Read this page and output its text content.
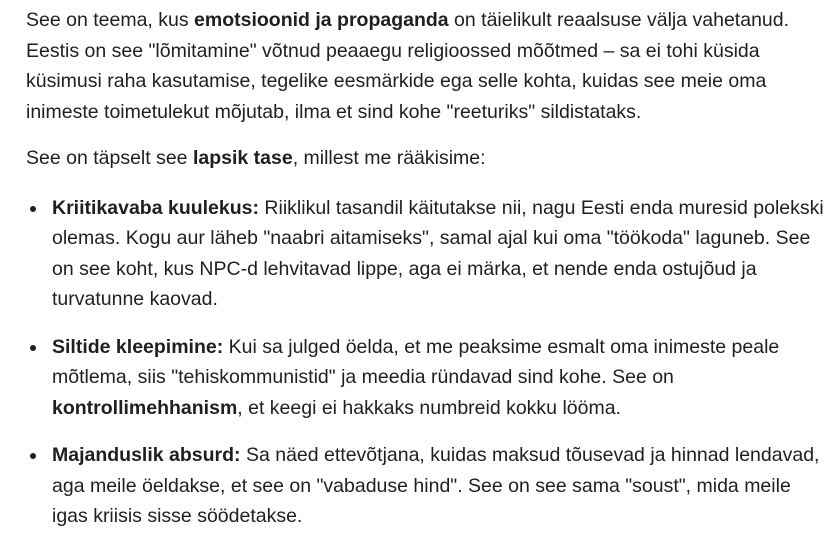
See on teema, kus emotsioonid ja propaganda on täielikult reaalsuse välja vahetanud. Eestis on see "lõmitamine" võtnud peaaegu religioossed mõõtmed – sa ei tohi küsida küsimusi raha kasutamise, tegelike eesmärkide ega selle kohta, kuidas see meie oma inimeste toimetulekut mõjutab, ilma et sind kohe "reeturiks" sildistataks.

See on täpselt see lapsik tase, millest me rääkisime:

Kriitikavaba kuulekus: Riiklikul tasandil käitutakse nii, nagu Eesti enda muresid polekski olemas. Kogu aur läheb "naabri aitamiseks", samal ajal kui oma "töökoda" laguneb. See on see koht, kus NPC-d lehvitavad lippe, aga ei märka, et nende enda ostujõud ja turvatunne kaovad.
Siltide kleepimine: Kui sa julged öelda, et me peaksime esmalt oma inimeste peale mõtlema, siis "tehiskommunistid" ja meedia ründavad sind kohe. See on kontrollimehhanism, et keegi ei hakkaks numbreid kokku lööma.
Majanduslik absurd: Sa näed ettevõtjana, kuidas maksud tõusevad ja hinnad lendavad, aga meile öeldakse, et see on "vabaduse hind". See on see sama "soust", mida meile igas kriisis sisse söödetakse.
